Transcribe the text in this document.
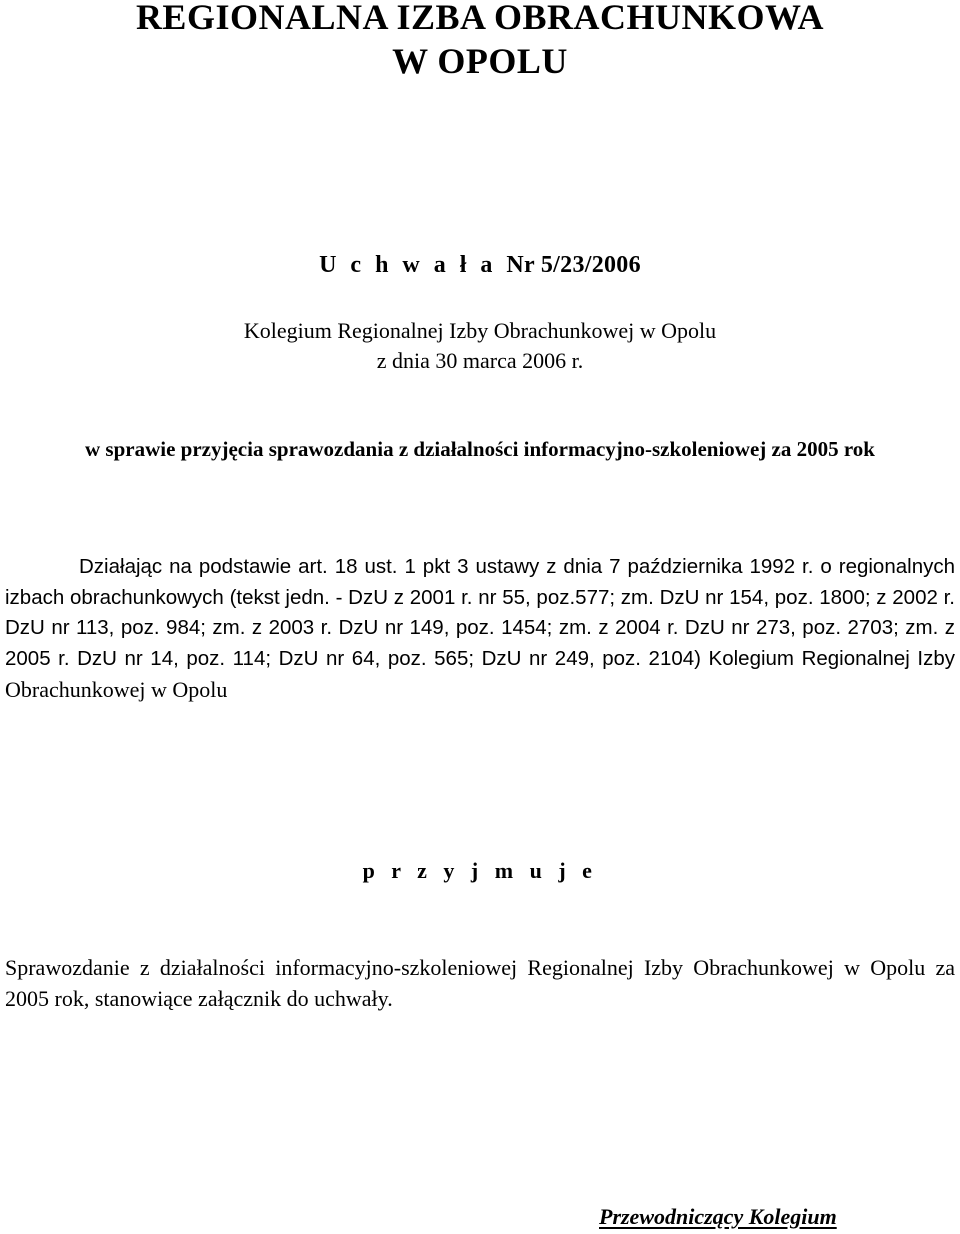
REGIONALNA IZBA OBRACHUNKOWA
W OPOLU
U c h w a ł a Nr 5/23/2006
Kolegium Regionalnej Izby Obrachunkowej w Opolu
z dnia 30 marca 2006 r.
w sprawie przyjęcia sprawozdania z działalności informacyjno-szkoleniowej za 2005 rok

Działając na podstawie art. 18 ust. 1 pkt 3 ustawy z dnia 7 października 1992 r. o regionalnych izbach obrachunkowych (tekst jedn. - DzU z 2001 r. nr 55, poz.577; zm. DzU nr 154, poz. 1800; z 2002 r. DzU nr 113, poz. 984; zm. z 2003 r. DzU nr 149, poz. 1454; zm. z 2004 r. DzU nr 273, poz. 2703; zm. z 2005 r. DzU nr 14, poz. 114; DzU nr 64, poz. 565; DzU nr 249, poz. 2104) Kolegium Regionalnej Izby Obrachunkowej w Opolu

p r z y j m u j e

Sprawozdanie z działalności informacyjno-szkoleniowej Regionalnej Izby Obrachunkowej w Opolu za 2005 rok, stanowiące załącznik do uchwały.

Przewodniczący Kolegium
